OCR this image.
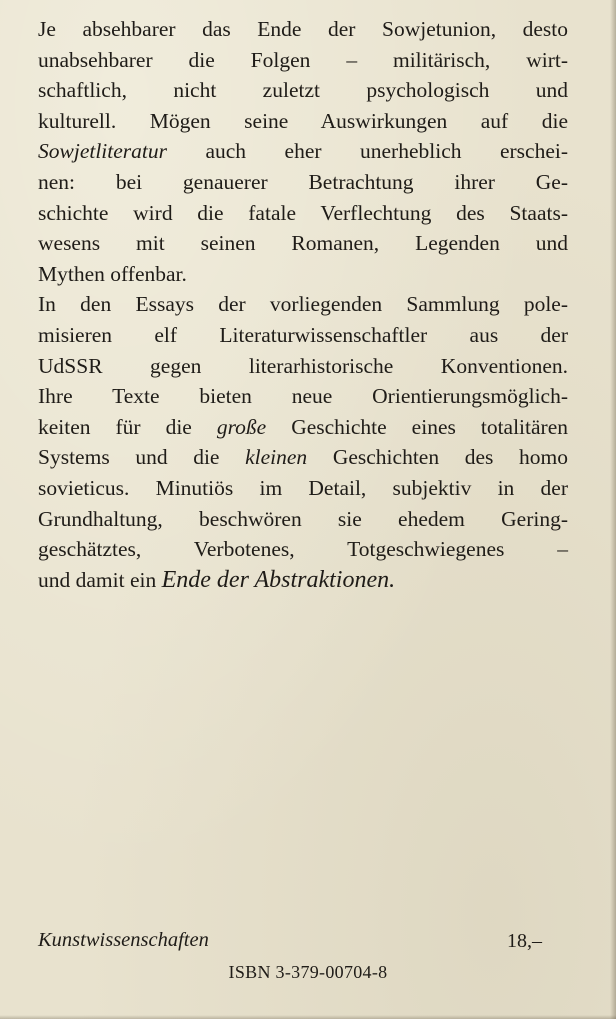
Je absehbarer das Ende der Sowjetunion, desto
unabsehbarer die Folgen – militärisch, wirt-
schaftlich, nicht zuletzt psychologisch und
kulturell. Mögen seine Auswirkungen auf die
Sowjetliteratur auch eher unerheblich erschei-
nen: bei genauerer Betrachtung ihrer Ge-
schichte wird die fatale Verflechtung des Staats-
wesens mit seinen Romanen, Legenden und
Mythen offenbar.
In den Essays der vorliegenden Sammlung pole-
misieren elf Literaturwissenschaftler aus der
UdSSR gegen literarhistorische Konventionen.
Ihre Texte bieten neue Orientierungsmöglich-
keiten für die große Geschichte eines totalitären
Systems und die kleinen Geschichten des homo
sovieticus. Minutiös im Detail, subjektiv in der
Grundhaltung, beschwören sie ehedem Gering-
geschätztes, Verbotenes, Totgeschwiegenes –
und damit ein Ende der Abstraktionen.
Kunstwissenschaften	18,–
ISBN 3-379-00704-8
